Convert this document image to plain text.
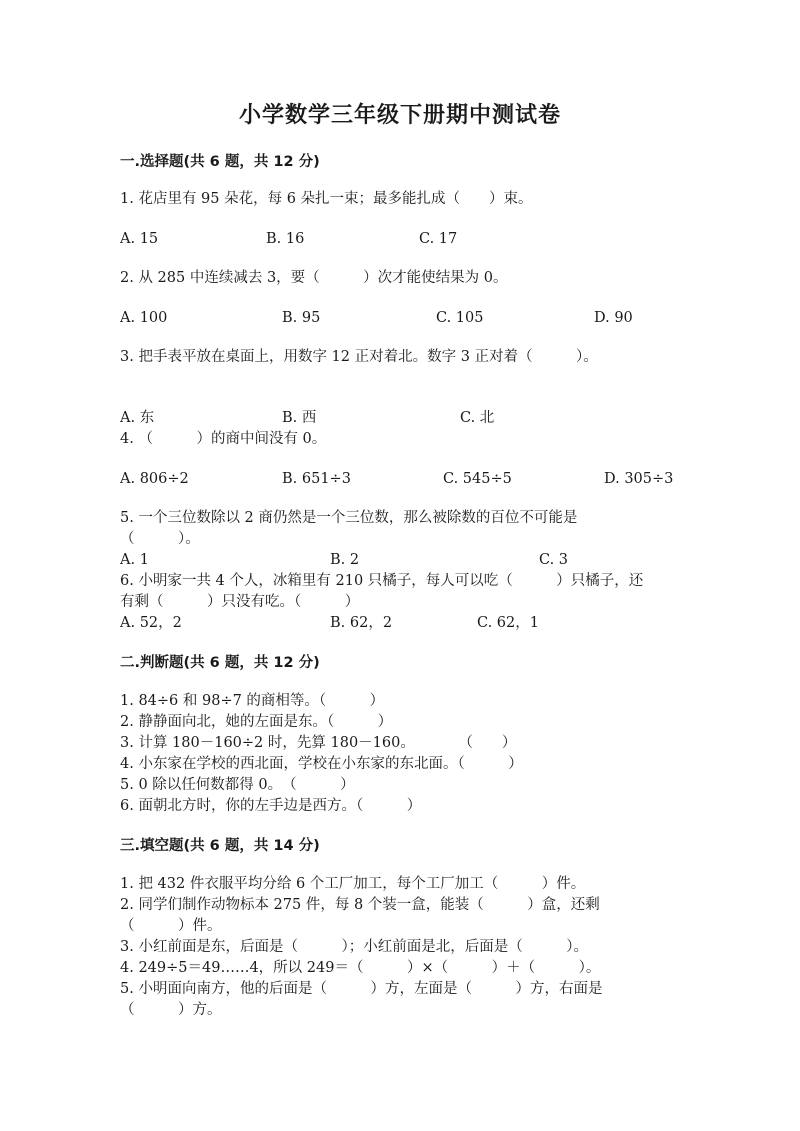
小学数学三年级下册期中测试卷
一.选择题(共 6 题，共 12 分)
1. 花店里有 95 朵花，每 6 朵扎一束；最多能扎成（　　）束。
A. 15	B. 16	C. 17
2. 从 285 中连续减去 3，要（　　　）次才能使结果为 0。
A. 100	B. 95	C. 105	D. 90
3. 把手表平放在桌面上，用数字 12 正对着北。数字 3 正对着（　　　）。
A. 东	B. 西	C. 北
4. （　　　）的商中间没有 0。
A. 806÷2	B. 651÷3	C. 545÷5	D. 305÷3
5. 一个三位数除以 2 商仍然是一个三位数，那么被除数的百位不可能是
（　　　）。
A. 1	B. 2	C. 3
6. 小明家一共 4 个人，冰箱里有 210 只橘子，每人可以吃（　　　）只橘子，还
有剩（　　　）只没有吃。（　　　）
A. 52，2	B. 62，2	C. 62，1
二.判断题(共 6 题，共 12 分)
1. 84÷6 和 98÷7 的商相等。（　　　）
2. 静静面向北，她的左面是东。（　　　）
3. 计算 180－160÷2 时，先算 180－160。　　　　（　　）
4. 小东家在学校的西北面，学校在小东家的东北面。（　　　）
5. 0 除以任何数都得 0。　（　　　）
6. 面朝北方时，你的左手边是西方。（　　　）
三.填空题(共 6 题，共 14 分)
1. 把 432 件衣服平均分给 6 个工厂加工，每个工厂加工（　　　）件。
2. 同学们制作动物标本 275 件，每 8 个装一盒，能装（　　　）盒，还剩
（　　　）件。
3. 小红前面是东，后面是（　　　）；小红前面是北，后面是（　　　）。
4. 249÷5＝49……4，所以 249＝（　　　）×（　　　）＋（　　　）。
5. 小明面向南方，他的后面是（　　　）方，左面是（　　　）方，右面是
（　　　）方。
